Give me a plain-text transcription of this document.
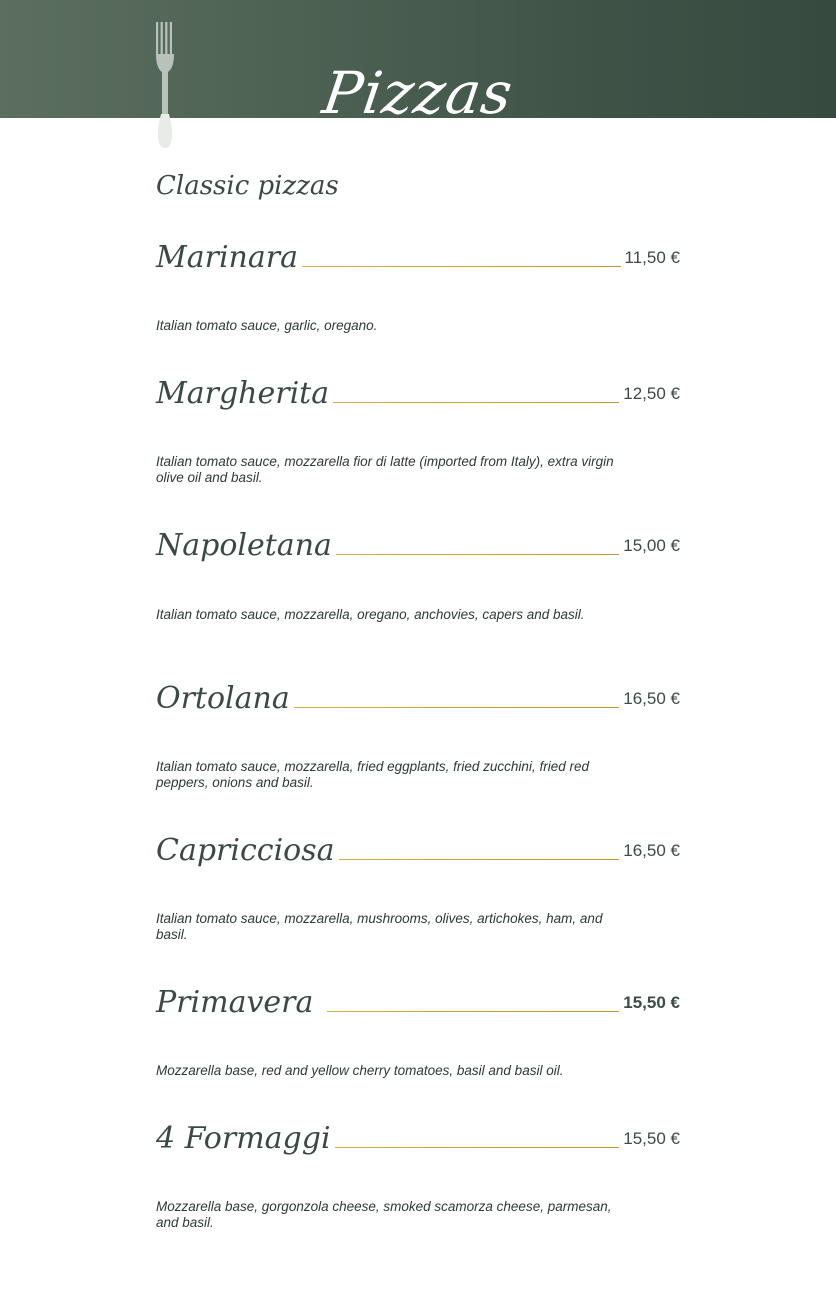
Pizzas
Classic pizzas
Marinara	11,50 €
Italian tomato sauce, garlic, oregano.
Margherita	12,50 €
Italian tomato sauce, mozzarella fior di latte (imported from Italy), extra virgin olive oil and basil.
Napoletana	15,00 €
Italian tomato sauce, mozzarella, oregano, anchovies, capers and basil.
Ortolana	16,50 €
Italian tomato sauce, mozzarella, fried eggplants, fried zucchini, fried red peppers, onions and basil.
Capricciosa	16,50 €
Italian tomato sauce, mozzarella, mushrooms, olives, artichokes, ham, and basil.
Primavera	15,50 €
Mozzarella base, red and yellow cherry tomatoes, basil and basil oil.
4 Formaggi	15,50 €
Mozzarella base, gorgonzola cheese, smoked scamorza cheese, parmesan, and basil.
